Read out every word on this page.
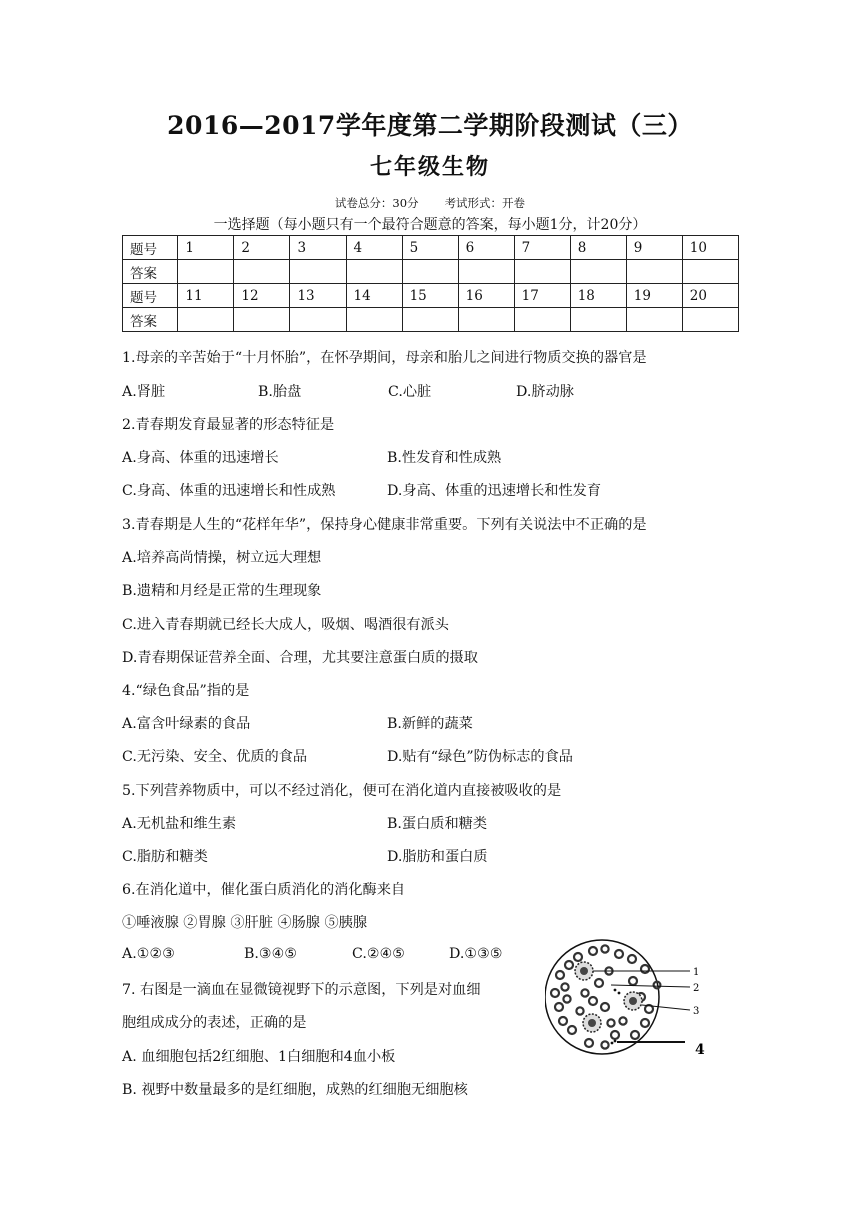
2016—2017学年度第二学期阶段测试（三）
七年级生物
试卷总分：30分 考试形式：开卷
一选择题（每小题只有一个最符合题意的答案，每小题1分，计20分）
题号	1	2	3	4	5	6	7	8	9	10
答案										
题号	11	12	13	14	15	16	17	18	19	20
答案										
1.母亲的辛苦始于“十月怀胎”，在怀孕期间，母亲和胎儿之间进行物质交换的器官是
A.肾脏	B.胎盘	C.心脏	D.脐动脉
2.青春期发育最显著的形态特征是
A.身高、体重的迅速增长	B.性发育和性成熟
C.身高、体重的迅速增长和性成熟	D.身高、体重的迅速增长和性发育
3.青春期是人生的“花样年华”，保持身心健康非常重要。下列有关说法中不正确的是
A.培养高尚情操，树立远大理想
B.遗精和月经是正常的生理现象
C.进入青春期就已经长大成人，吸烟、喝酒很有派头
D.青春期保证营养全面、合理，尤其要注意蛋白质的摄取
4.“绿色食品”指的是
A.富含叶绿素的食品	B.新鲜的蔬菜
C.无污染、安全、优质的食品	D.贴有“绿色”防伪标志的食品
5.下列营养物质中，可以不经过消化，便可在消化道内直接被吸收的是
A.无机盐和维生素	B.蛋白质和糖类
C.脂肪和糖类	D.脂肪和蛋白质
6.在消化道中，催化蛋白质消化的消化酶来自
①唾液腺 ②胃腺 ③肝脏 ④肠腺 ⑤胰腺
A.①②③	B.③④⑤	C.②④⑤	D.①③⑤
7. 右图是一滴血在显微镜视野下的示意图，下列是对血细
胞组成成分的表述，正确的是
A. 血细胞包括2红细胞、1白细胞和4血小板
B. 视野中数量最多的是红细胞，成熟的红细胞无细胞核
1
2
3
4
